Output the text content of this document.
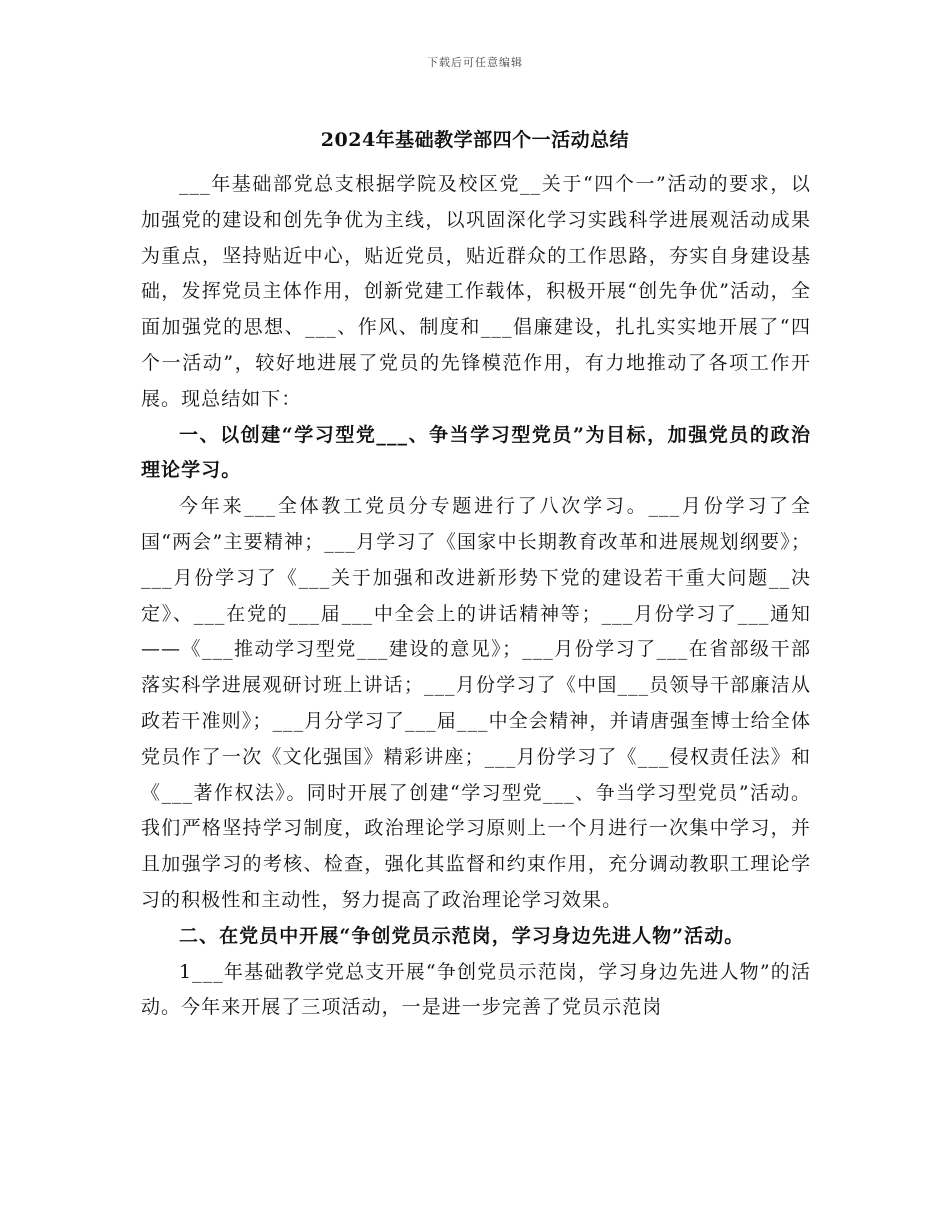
下载后可任意编辑
2024年基础教学部四个一活动总结

___年基础部党总支根据学院及校区党__关于“四个一”活动的要求，以加强党的建设和创先争优为主线，以巩固深化学习实践科学进展观活动成果为重点，坚持贴近中心，贴近党员，贴近群众的工作思路，夯实自身建设基础，发挥党员主体作用，创新党建工作载体，积极开展“创先争优”活动，全面加强党的思想、___、作风、制度和___倡廉建设，扎扎实实地开展了“四个一活动”，较好地进展了党员的先锋模范作用，有力地推动了各项工作开展。现总结如下：

一、以创建“学习型党___、争当学习型党员”为目标，加强党员的政治理论学习。

今年来___全体教工党员分专题进行了八次学习。___月份学习了全国“两会”主要精神；___月学习了《国家中长期教育改革和进展规划纲要》；___月份学习了《___关于加强和改进新形势下党的建设若干重大问题__决定》、___在党的___届___中全会上的讲话精神等；___月份学习了___通知——《___推动学习型党___建设的意见》；___月份学习了___在省部级干部落实科学进展观研讨班上讲话；___月份学习了《中国___员领导干部廉洁从政若干准则》；___月分学习了___届___中全会精神，并请唐强奎博士给全体党员作了一次《文化强国》精彩讲座；___月份学习了《___侵权责任法》和《___著作权法》。同时开展了创建“学习型党___、争当学习型党员”活动。我们严格坚持学习制度，政治理论学习原则上一个月进行一次集中学习，并且加强学习的考核、检查，强化其监督和约束作用，充分调动教职工理论学习的积极性和主动性，努力提高了政治理论学习效果。

二、在党员中开展“争创党员示范岗，学习身边先进人物”活动。

1___年基础教学党总支开展“争创党员示范岗，学习身边先进人物”的活动。今年来开展了三项活动，一是进一步完善了党员示范岗
